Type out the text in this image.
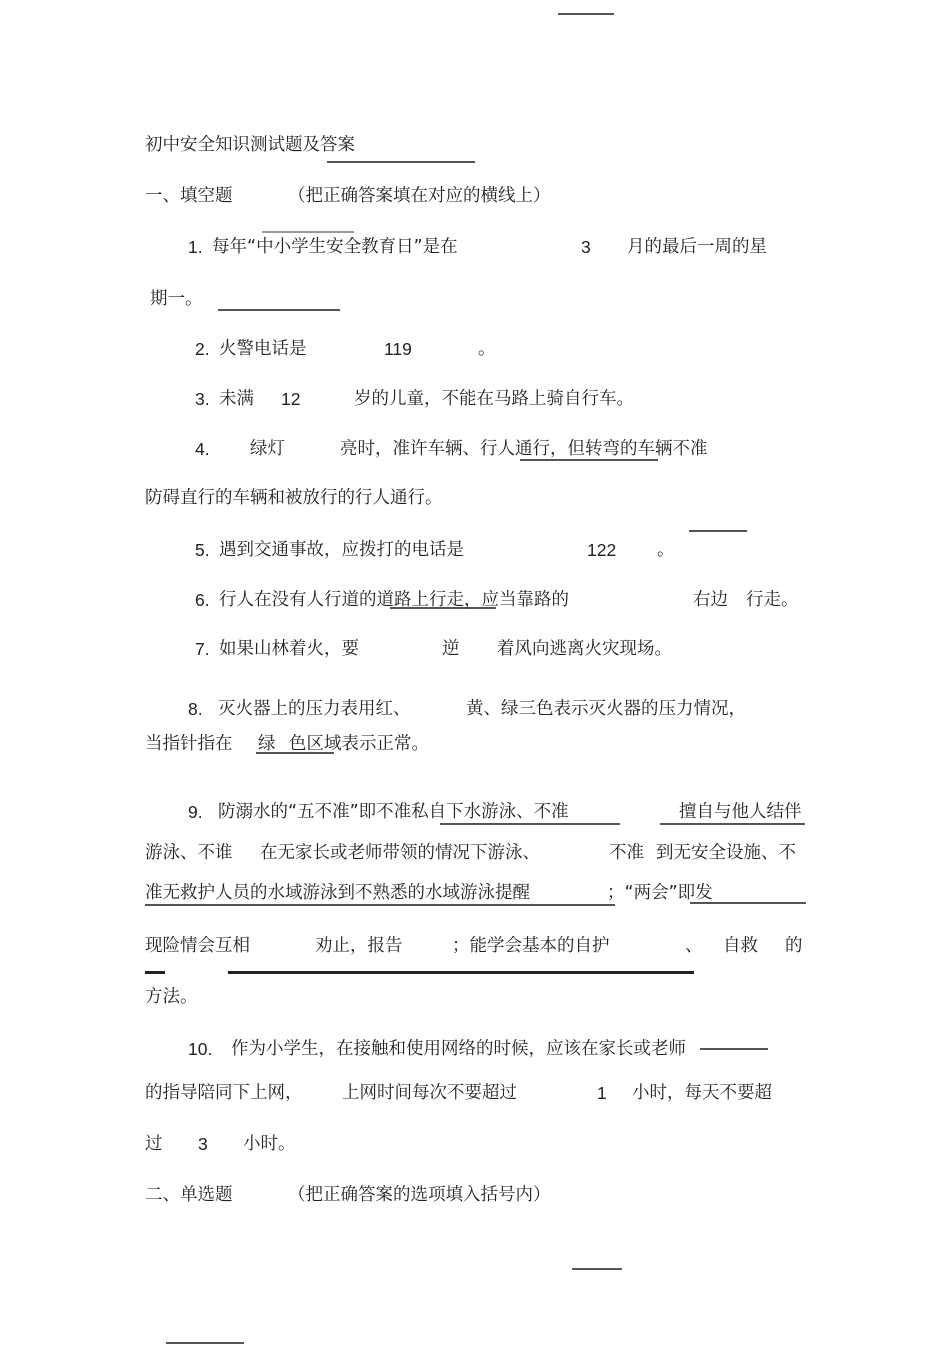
初中安全知识测试题及答案
一、填空题	（把正确答案填在对应的横线上）
1. 每年“中小学生安全教育日”是在	3 月的最后一周的星
期一。
2. 火警电话是	119	。
3. 未满 12	岁的儿童，不能在马路上骑自行车。
4. 绿灯	亮时，准许车辆、行人通行，但转弯的车辆不准
防碍直行的车辆和被放行的行人通行。
5. 遇到交通事故，应拨打的电话是	122 。
6. 行人在没有人行道的道路上行走，应当靠路的	右边 行走。
7. 如果山林着火，要	逆 着风向逃离火灾现场。
8. 灭火器上的压力表用红、	黄、绿三色表示灭火器的压力情况，
当指针指在 绿 色区域表示正常。
9. 防溺水的“五不准”即不准私自下水游泳、不准	擅自与他人结伴
游泳、不谁 在无家长或老师带领的情况下游泳、	不准 到无安全设施、不
准无救护人员的水域游泳到不熟悉的水域游泳提醒	；“两会”即发
现险情会互相	劝止，报告	；能学会基本的自护	、 自救 的
方法。
10. 作为小学生，在接触和使用网络的时候，应该在家长或老师
的指导陪同下上网， 上网时间每次不要超过	1 小时，每天不要超
过 3 小时。
二、单选题	（把正确答案的选项填入括号内）
